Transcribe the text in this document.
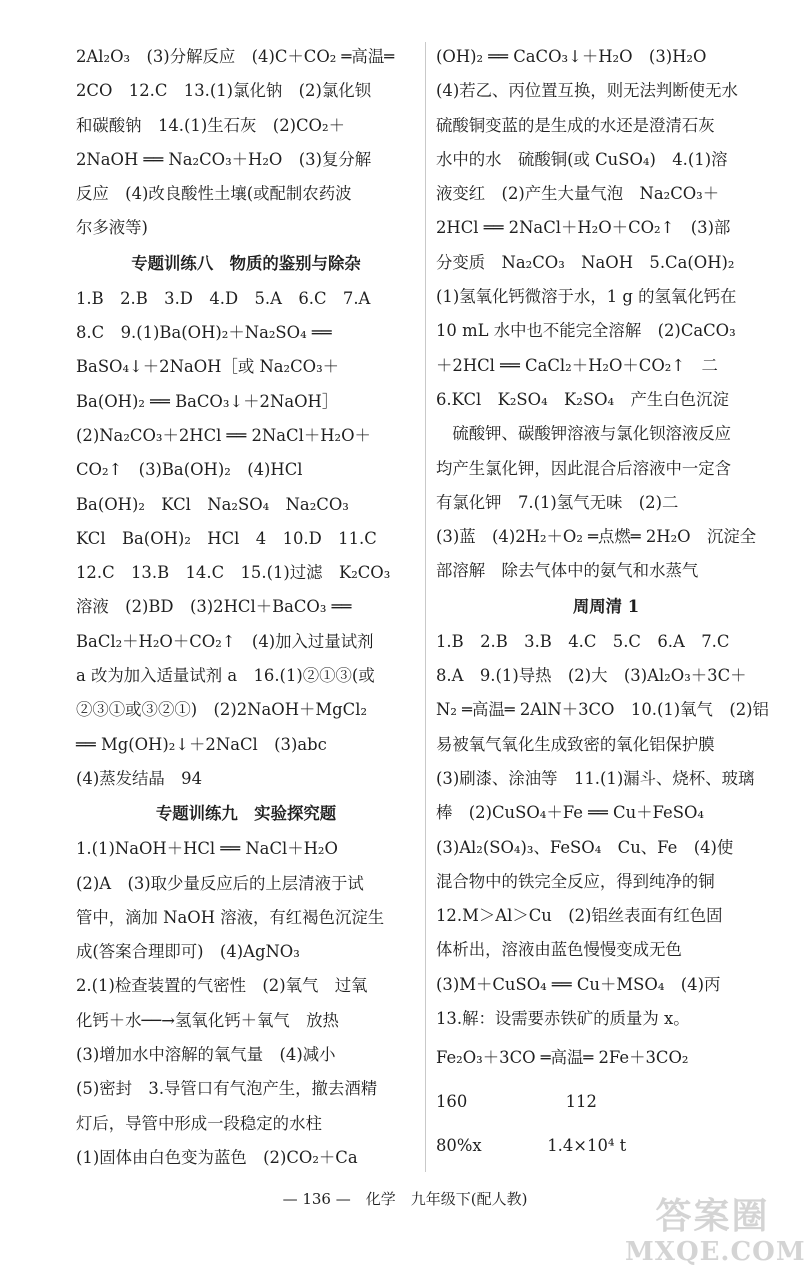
2Al₂O₃　(3)分解反应　(4)C＋CO₂ ═高温═
2CO　12.C　13.(1)氯化钠　(2)氯化钡
和碳酸钠　14.(1)生石灰　(2)CO₂＋
2NaOH ══ Na₂CO₃＋H₂O　(3)复分解
反应　(4)改良酸性土壤(或配制农药波
尔多液等)
专题训练八　物质的鉴别与除杂
1.B　2.B　3.D　4.D　5.A　6.C　7.A
8.C　9.(1)Ba(OH)₂＋Na₂SO₄ ══
BaSO₄↓＋2NaOH［或 Na₂CO₃＋
Ba(OH)₂ ══ BaCO₃↓＋2NaOH］
(2)Na₂CO₃＋2HCl ══ 2NaCl＋H₂O＋
CO₂↑　(3)Ba(OH)₂　(4)HCl
Ba(OH)₂　KCl　Na₂SO₄　Na₂CO₃
KCl　Ba(OH)₂　HCl　4　10.D　11.C
12.C　13.B　14.C　15.(1)过滤　K₂CO₃
溶液　(2)BD　(3)2HCl＋BaCO₃ ══
BaCl₂＋H₂O＋CO₂↑　(4)加入过量试剂
a 改为加入适量试剂 a　16.(1)②①③(或
②③①或③②①)　(2)2NaOH＋MgCl₂
══ Mg(OH)₂↓＋2NaCl　(3)abc
(4)蒸发结晶　94
专题训练九　实验探究题
1.(1)NaOH＋HCl ══ NaCl＋H₂O
(2)A　(3)取少量反应后的上层清液于试
管中，滴加 NaOH 溶液，有红褐色沉淀生
成(答案合理即可)　(4)AgNO₃
2.(1)检查装置的气密性　(2)氧气　过氧
化钙＋水──→氢氧化钙＋氧气　放热
(3)增加水中溶解的氧气量　(4)减小
(5)密封　3.导管口有气泡产生，撤去酒精
灯后，导管中形成一段稳定的水柱
(1)固体由白色变为蓝色　(2)CO₂＋Ca
(OH)₂ ══ CaCO₃↓＋H₂O　(3)H₂O
(4)若乙、丙位置互换，则无法判断使无水
硫酸铜变蓝的是生成的水还是澄清石灰
水中的水　硫酸铜(或 CuSO₄)　4.(1)溶
液变红　(2)产生大量气泡　Na₂CO₃＋
2HCl ══ 2NaCl＋H₂O＋CO₂↑　(3)部
分变质　Na₂CO₃　NaOH　5.Ca(OH)₂
(1)氢氧化钙微溶于水，1 g 的氢氧化钙在
10 mL 水中也不能完全溶解　(2)CaCO₃
＋2HCl ══ CaCl₂＋H₂O＋CO₂↑　二
6.KCl　K₂SO₄　K₂SO₄　产生白色沉淀
　硫酸钾、碳酸钾溶液与氯化钡溶液反应
均产生氯化钾，因此混合后溶液中一定含
有氯化钾　7.(1)氢气无味　(2)二
(3)蓝　(4)2H₂＋O₂ ═点燃═ 2H₂O　沉淀全
部溶解　除去气体中的氨气和水蒸气
周周清 1
1.B　2.B　3.B　4.C　5.C　6.A　7.C
8.A　9.(1)导热　(2)大　(3)Al₂O₃＋3C＋
N₂ ═高温═ 2AlN＋3CO　10.(1)氧气　(2)铝
易被氧气氧化生成致密的氧化铝保护膜
(3)刷漆、涂油等　11.(1)漏斗、烧杯、玻璃
棒　(2)CuSO₄＋Fe ══ Cu＋FeSO₄
(3)Al₂(SO₄)₃、FeSO₄　Cu、Fe　(4)使
混合物中的铁完全反应，得到纯净的铜
12.M＞Al＞Cu　(2)铝丝表面有红色固
体析出，溶液由蓝色慢慢变成无色
(3)M＋CuSO₄ ══ Cu＋MSO₄　(4)丙
13.解：设需要赤铁矿的质量为 x。
Fe₂O₃＋3CO ═高温═ 2Fe＋3CO₂
160　　　　　　112
80%x　　　　1.4×10⁴ t
— 136 —　化学　九年级下(配人教)	答案圈
MXQE.COM
